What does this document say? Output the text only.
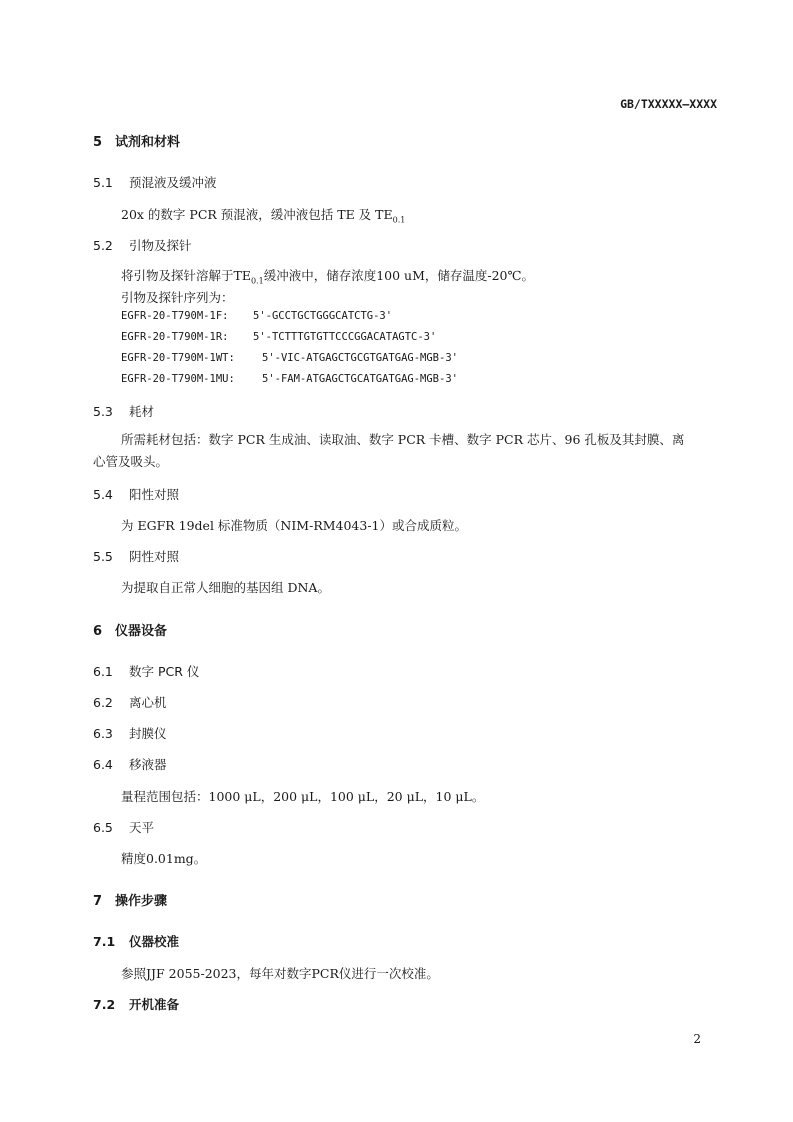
GB/TXXXXX—XXXX
5 试剂和材料
5.1 预混液及缓冲液
20x 的数字 PCR 预混液，缓冲液包括 TE 及 $TE_{0.1}$
5.2 引物及探针
将引物及探针溶解于$TE_{0.1}$缓冲液中，储存浓度100 uM，储存温度-20℃。
引物及探针序列为：
EGFR-20-T790M-1F: 5'-GCCTGCTGGGCATCTG-3'
EGFR-20-T790M-1R: 5'-TCTTTGTGTTCCCGGACATAGTC-3'
EGFR-20-T790M-1WT:	5'-VIC-ATGAGCTGCGTGATGAG-MGB-3'
EGFR-20-T790M-1MU:	5'-FAM-ATGAGCTGCATGATGAG-MGB-3'
5.3 耗材
所需耗材包括：数字 PCR 生成油、读取油、数字 PCR 卡槽、数字 PCR 芯片、96 孔板及其封膜、离心管及吸头。
5.4 阳性对照
为 EGFR 19del 标准物质（NIM-RM4043-1）或合成质粒。
5.5 阴性对照
为提取自正常人细胞的基因组 DNA。
6 仪器设备
6.1 数字 PCR 仪
6.2 离心机
6.3 封膜仪
6.4 移液器
量程范围包括：1000 μL，200 μL，100 μL，20 μL，10 μL。
6.5 天平
精度0.01mg。
7 操作步骤
7.1 仪器校准
参照JJF 2055-2023，每年对数字PCR仪进行一次校准。
7.2 开机准备
2
